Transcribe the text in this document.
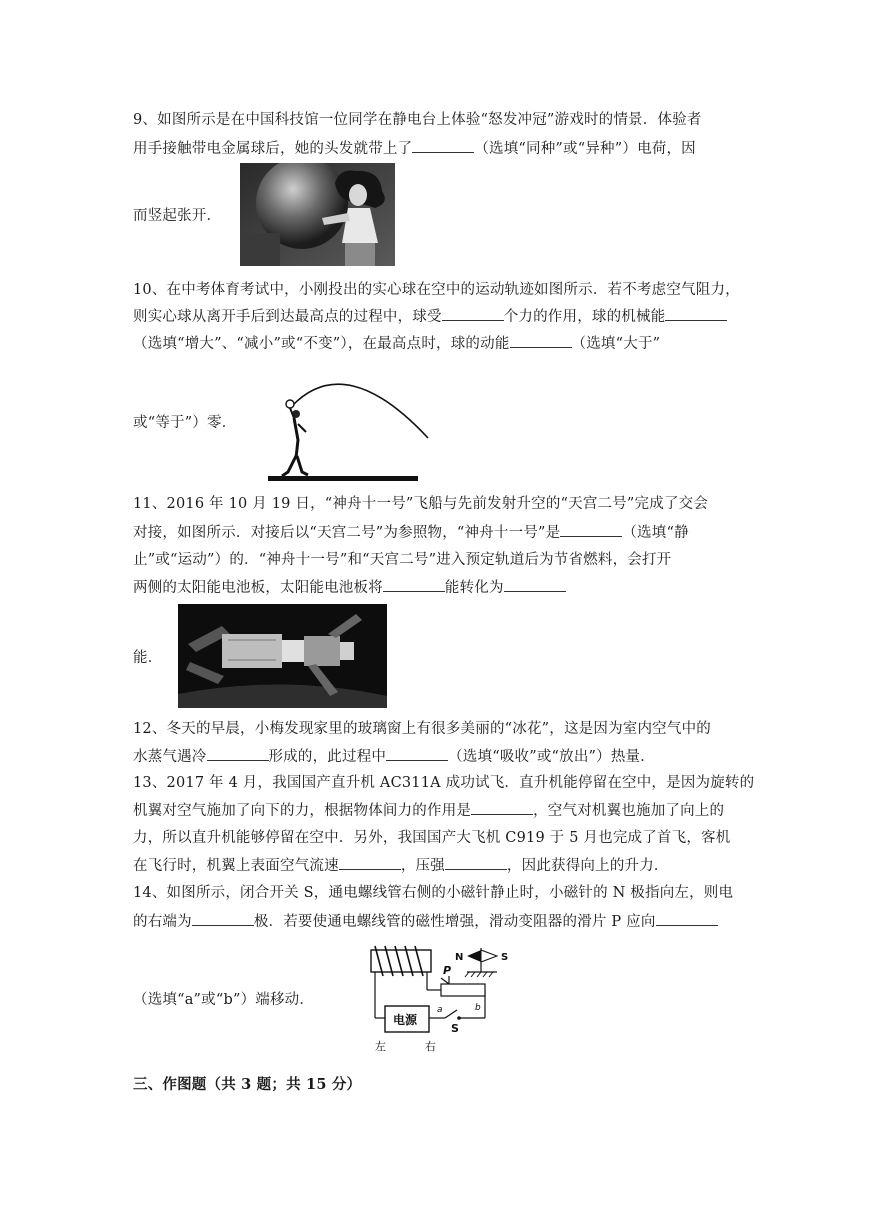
9、如图所示是在中国科技馆一位同学在静电台上体验“怒发冲冠”游戏时的情景．体验者
用手接触带电金属球后，她的头发就带上了	（选填“同种”或“异种”）电荷，因
而竖起张开．
10、在中考体育考试中，小刚投出的实心球在空中的运动轨迹如图所示．若不考虑空气阻力，
则实心球从离开手后到达最高点的过程中，球受	个力的作用，球的机械能
（选填“增大”、“减小”或“不变”），在最高点时，球的动能	（选填“大于”
或“等于”）零．
11、2016 年 10 月 19 日，“神舟十一号”飞船与先前发射升空的“天宫二号”完成了交会
对接，如图所示．对接后以“天宫二号”为参照物，“神舟十一号”是	（选填“静
止”或“运动”）的．“神舟十一号”和“天宫二号”进入预定轨道后为节省燃料，会打开
两侧的太阳能电池板，太阳能电池板将	能转化为
能．
12、冬天的早晨，小梅发现家里的玻璃窗上有很多美丽的“冰花”，这是因为室内空气中的
水蒸气遇冷	形成的，此过程中	（选填“吸收”或“放出”）热量．
13、2017 年 4 月，我国国产直升机 AC311A 成功试飞．直升机能停留在空中，是因为旋转的
机翼对空气施加了向下的力，根据物体间力的作用是	，空气对机翼也施加了向上的
力，所以直升机能够停留在空中．另外，我国国产大飞机 C919 于 5 月也完成了首飞，客机
在飞行时，机翼上表面空气流速	，压强	，因此获得向上的升力．
14、如图所示，闭合开关 S，通电螺线管右侧的小磁针静止时，小磁针的 N 极指向左，则电
的右端为	极．若要使通电螺线管的磁性增强，滑动变阻器的滑片 P 应向
电源
P
a	b
S
N	S
左	右
（选填“a”或“b”）端移动．
三、作图题（共 3 题；共 15 分）
